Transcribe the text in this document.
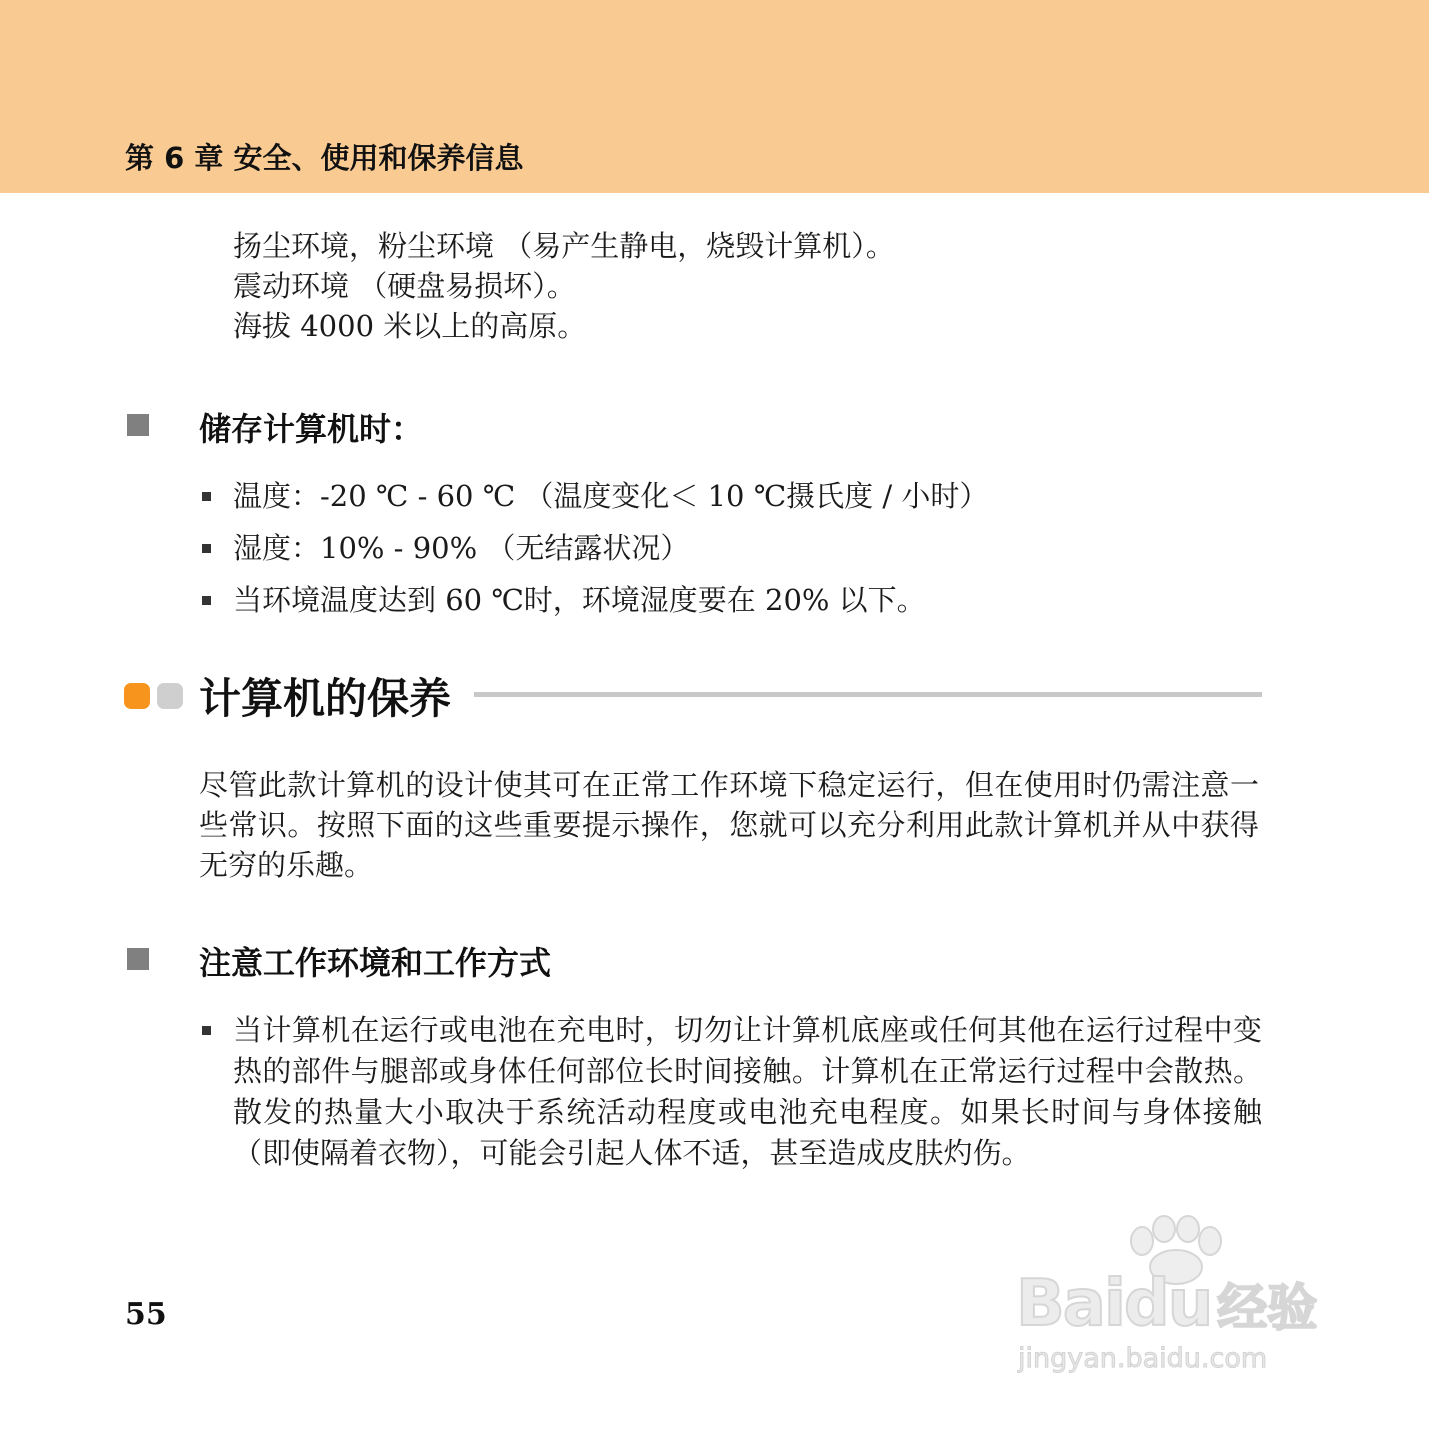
第 6 章 安全、使用和保养信息
扬尘环境，粉尘环境 （易产生静电，烧毁计算机）。
震动环境 （硬盘易损坏）。
海拔 4000 米以上的高原。
储存计算机时：
温度：-20 ℃ - 60 ℃ （温度变化＜ 10 ℃摄氏度 / 小时）
湿度：10% - 90% （无结露状况）
当环境温度达到 60 ℃时，环境湿度要在 20% 以下。
计算机的保养
尽管此款计算机的设计使其可在正常工作环境下稳定运行，但在使用时仍需注意一些常识。按照下面的这些重要提示操作，您就可以充分利用此款计算机并从中获得无穷的乐趣。
注意工作环境和工作方式
当计算机在运行或电池在充电时，切勿让计算机底座或任何其他在运行过程中变热的部件与腿部或身体任何部位长时间接触。计算机在正常运行过程中会散热。散发的热量大小取决于系统活动程度或电池充电程度。如果长时间与身体接触 （即使隔着衣物），可能会引起人体不适，甚至造成皮肤灼伤。
55	Baidu 经验
jingyan.baidu.com
